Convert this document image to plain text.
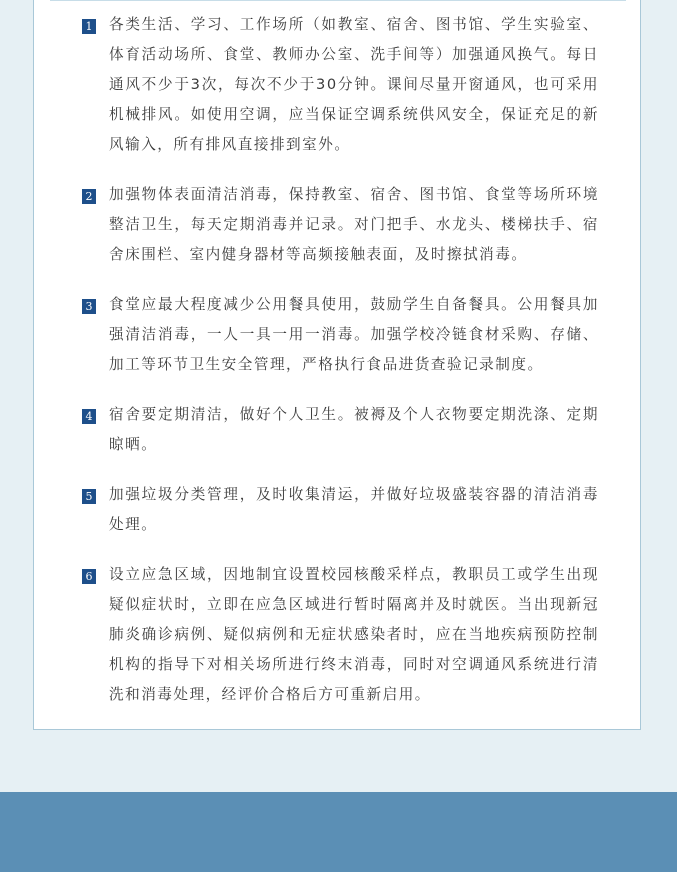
1 各类生活、学习、工作场所（如教室、宿舍、图书馆、学生实验室、体育活动场所、食堂、教师办公室、洗手间等）加强通风换气。每日通风不少于3次，每次不少于30分钟。课间尽量开窗通风，也可采用机械排风。如使用空调，应当保证空调系统供风安全，保证充足的新风输入，所有排风直接排到室外。
2 加强物体表面清洁消毒，保持教室、宿舍、图书馆、食堂等场所环境整洁卫生，每天定期消毒并记录。对门把手、水龙头、楼梯扶手、宿舍床围栏、室内健身器材等高频接触表面，及时擦拭消毒。
3 食堂应最大程度减少公用餐具使用，鼓励学生自备餐具。公用餐具加强清洁消毒，一人一具一用一消毒。加强学校冷链食材采购、存储、加工等环节卫生安全管理，严格执行食品进货查验记录制度。
4 宿舍要定期清洁，做好个人卫生。被褥及个人衣物要定期洗涤、定期晾晒。
5 加强垃圾分类管理，及时收集清运，并做好垃圾盛装容器的清洁消毒处理。
6 设立应急区域，因地制宜设置校园核酸采样点，教职员工或学生出现疑似症状时，立即在应急区域进行暂时隔离并及时就医。当出现新冠肺炎确诊病例、疑似病例和无症状感染者时，应在当地疾病预防控制机构的指导下对相关场所进行终末消毒，同时对空调通风系统进行清洗和消毒处理，经评价合格后方可重新启用。
